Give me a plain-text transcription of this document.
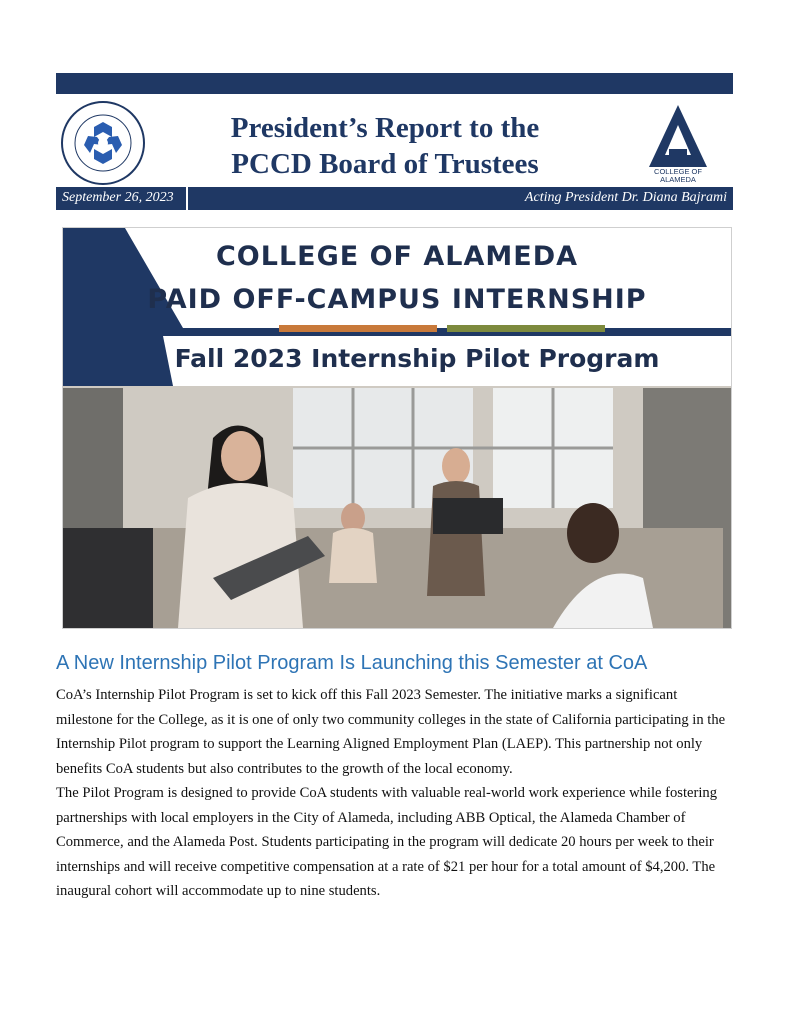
President’s Report to the
PCCD Board of Trustees	COLLEGE OF
ALAMEDA
September 26, 2023	Acting President Dr. Diana Bajrami
COLLEGE OF ALAMEDA
PAID OFF-CAMPUS INTERNSHIP
Fall 2023 Internship Pilot Program
A New Internship Pilot Program Is Launching this Semester at CoA

CoA’s Internship Pilot Program is set to kick off this Fall 2023 Semester. The initiative marks a significant milestone for the College, as it is one of only two community colleges in the state of California participating in the Internship Pilot program to support the Learning Aligned Employment Plan (LAEP). This partnership not only benefits CoA students but also contributes to the growth of the local economy.

The Pilot Program is designed to provide CoA students with valuable real-world work experience while fostering partnerships with local employers in the City of Alameda, including ABB Optical, the Alameda Chamber of Commerce, and the Alameda Post. Students participating in the program will dedicate 20 hours per week to their internships and will receive competitive compensation at a rate of $21 per hour for a total amount of $4,200. The inaugural cohort will accommodate up to nine students.
